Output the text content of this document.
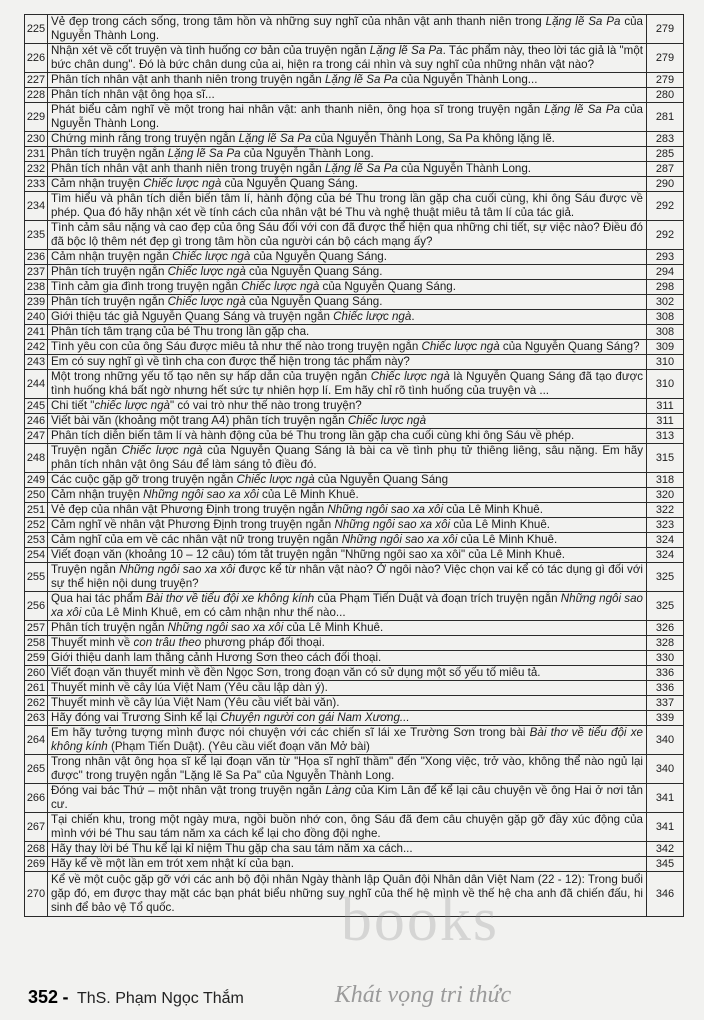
225	Vẻ đẹp trong cách sống, trong tâm hồn và những suy nghĩ của nhân vật anh thanh niên trong Lặng lẽ Sa Pa của Nguyễn Thành Long.	279
226	Nhận xét về cốt truyện và tình huống cơ bản của truyện ngắn Lặng lẽ Sa Pa. Tác phẩm này, theo lời tác giả là "một bức chân dung". Đó là bức chân dung của ai, hiện ra trong cái nhìn và suy nghĩ của những nhân vật nào?	279
227	Phân tích nhân vật anh thanh niên trong truyện ngắn Lặng lẽ Sa Pa của Nguyễn Thành Long...	279
228	Phân tích nhân vật ông họa sĩ...	280
229	Phát biểu cảm nghĩ về một trong hai nhân vật: anh thanh niên, ông họa sĩ trong truyện ngắn Lặng lẽ Sa Pa của Nguyễn Thành Long.	281
230	Chứng minh rằng trong truyện ngắn Lặng lẽ Sa Pa của Nguyễn Thành Long, Sa Pa không lặng lẽ.	283
231	Phân tích truyện ngắn Lặng lẽ Sa Pa của Nguyễn Thành Long.	285
232	Phân tích nhân vật anh thanh niên trong truyện ngắn Lặng lẽ Sa Pa của Nguyễn Thành Long.	287
233	Cảm nhận truyện Chiếc lược ngà của Nguyễn Quang Sáng.	290
234	Tìm hiểu và phân tích diễn biến tâm lí, hành động của bé Thu trong lần gặp cha cuối cùng, khi ông Sáu được về phép. Qua đó hãy nhận xét về tính cách của nhân vật bé Thu và nghệ thuật miêu tả tâm lí của tác giả.	292
235	Tình cảm sâu nặng và cao đẹp của ông Sáu đối với con đã được thể hiện qua những chi tiết, sự việc nào? Điều đó đã bộc lộ thêm nét đẹp gì trong tâm hồn của người cán bộ cách mạng ấy?	292
236	Cảm nhận truyện ngắn Chiếc lược ngà của Nguyễn Quang Sáng.	293
237	Phân tích truyện ngắn Chiếc lược ngà của Nguyễn Quang Sáng.	294
238	Tình cảm gia đình trong truyện ngắn Chiếc lược ngà của Nguyễn Quang Sáng.	298
239	Phân tích truyện ngắn Chiếc lược ngà của Nguyễn Quang Sáng.	302
240	Giới thiệu tác giả Nguyễn Quang Sáng và truyện ngắn Chiếc lược ngà.	308
241	Phân tích tâm trạng của bé Thu trong lần gặp cha.	308
242	Tình yêu con của ông Sáu được miêu tả như thế nào trong truyện ngắn Chiếc lược ngà của Nguyễn Quang Sáng?	309
243	Em có suy nghĩ gì về tình cha con được thể hiện trong tác phẩm này?	310
244	Một trong những yếu tố tạo nên sự hấp dẫn của truyện ngắn Chiếc lược ngà là Nguyễn Quang Sáng đã tạo được tình huống khá bất ngờ nhưng hết sức tự nhiên hợp lí. Em hãy chỉ rõ tình huống của truyện và ...	310
245	Chi tiết "chiếc lược ngà" có vai trò như thế nào trong truyện?	311
246	Viết bài văn (khoảng một trang A4) phân tích truyện ngắn Chiếc lược ngà	311
247	Phân tích diễn biến tâm lí và hành động của bé Thu trong lần gặp cha cuối cùng khi ông Sáu về phép.	313
248	Truyện ngắn Chiếc lược ngà của Nguyễn Quang Sáng là bài ca về tình phụ tử thiêng liêng, sâu nặng. Em hãy phân tích nhân vật ông Sáu để làm sáng tỏ điều đó.	315
249	Các cuộc gặp gỡ trong truyện ngắn Chiếc lược ngà của Nguyễn Quang Sáng	318
250	Cảm nhận truyện Những ngôi sao xa xôi của Lê Minh Khuê.	320
251	Vẻ đẹp của nhân vật Phương Định trong truyện ngắn Những ngôi sao xa xôi của Lê Minh Khuê.	322
252	Cảm nghĩ về nhân vật Phương Định trong truyện ngắn Những ngôi sao xa xôi của Lê Minh Khuê.	323
253	Cảm nghĩ của em về các nhân vật nữ trong truyện ngắn Những ngôi sao xa xôi của Lê Minh Khuê.	324
254	Viết đoạn văn (khoảng 10 – 12 câu) tóm tắt truyện ngắn "Những ngôi sao xa xôi" của Lê Minh Khuê.	324
255	Truyện ngắn Những ngôi sao xa xôi được kể từ nhân vật nào? Ở ngôi nào? Việc chọn vai kể có tác dụng gì đối với sự thể hiện nội dung truyện?	325
256	Qua hai tác phẩm Bài thơ về tiểu đội xe không kính của Phạm Tiến Duật và đoạn trích truyện ngắn Những ngôi sao xa xôi của Lê Minh Khuê, em có cảm nhận như thế nào...	325
257	Phân tích truyện ngắn Những ngôi sao xa xôi của Lê Minh Khuê.	326
258	Thuyết minh về con trâu theo phương pháp đối thoại.	328
259	Giới thiệu danh lam thắng cảnh Hương Sơn theo cách đối thoại.	330
260	Viết đoạn văn thuyết minh về đền Ngọc Sơn, trong đoạn văn có sử dụng một số yếu tố miêu tả.	336
261	Thuyết minh về cây lúa Việt Nam (Yêu cầu lập dàn ý).	336
262	Thuyết minh về cây lúa Việt Nam (Yêu cầu viết bài văn).	337
263	Hãy đóng vai Trương Sinh kể lại Chuyện người con gái Nam Xương...	339
264	Em hãy tưởng tượng mình được nói chuyện với các chiến sĩ lái xe Trường Sơn trong bài Bài thơ về tiểu đội xe không kính (Phạm Tiến Duật). (Yêu cầu viết đoạn văn Mở bài)	340
265	Trong nhân vật ông họa sĩ kể lại đoạn văn từ "Họa sĩ nghĩ thầm" đến "Xong việc, trở vào, không thể nào ngủ lại được" trong truyện ngắn "Lặng lẽ Sa Pa" của Nguyễn Thành Long.	340
266	Đóng vai bác Thứ – một nhân vật trong truyện ngắn Làng của Kim Lân để kể lại câu chuyện về ông Hai ở nơi tản cư.	341
267	Tại chiến khu, trong một ngày mưa, ngồi buồn nhớ con, ông Sáu đã đem câu chuyện gặp gỡ đầy xúc động của mình với bé Thu sau tám năm xa cách kể lại cho đồng đội nghe.	341
268	Hãy thay lời bé Thu kể lại kỉ niệm Thu gặp cha sau tám năm xa cách...	342
269	Hãy kể về một lần em trót xem nhật kí của bạn.	345
270	Kể về một cuộc gặp gỡ với các anh bộ đội nhân Ngày thành lập Quân đội Nhân dân Việt Nam (22 - 12): Trong buổi gặp đó, em được thay mặt các bạn phát biểu những suy nghĩ của thế hệ mình về thế hệ cha anh đã chiến đấu, hi sinh để bảo vệ Tổ quốc.	346
books
352 - ThS. Phạm Ngọc Thắm	Khát vọng tri thức
